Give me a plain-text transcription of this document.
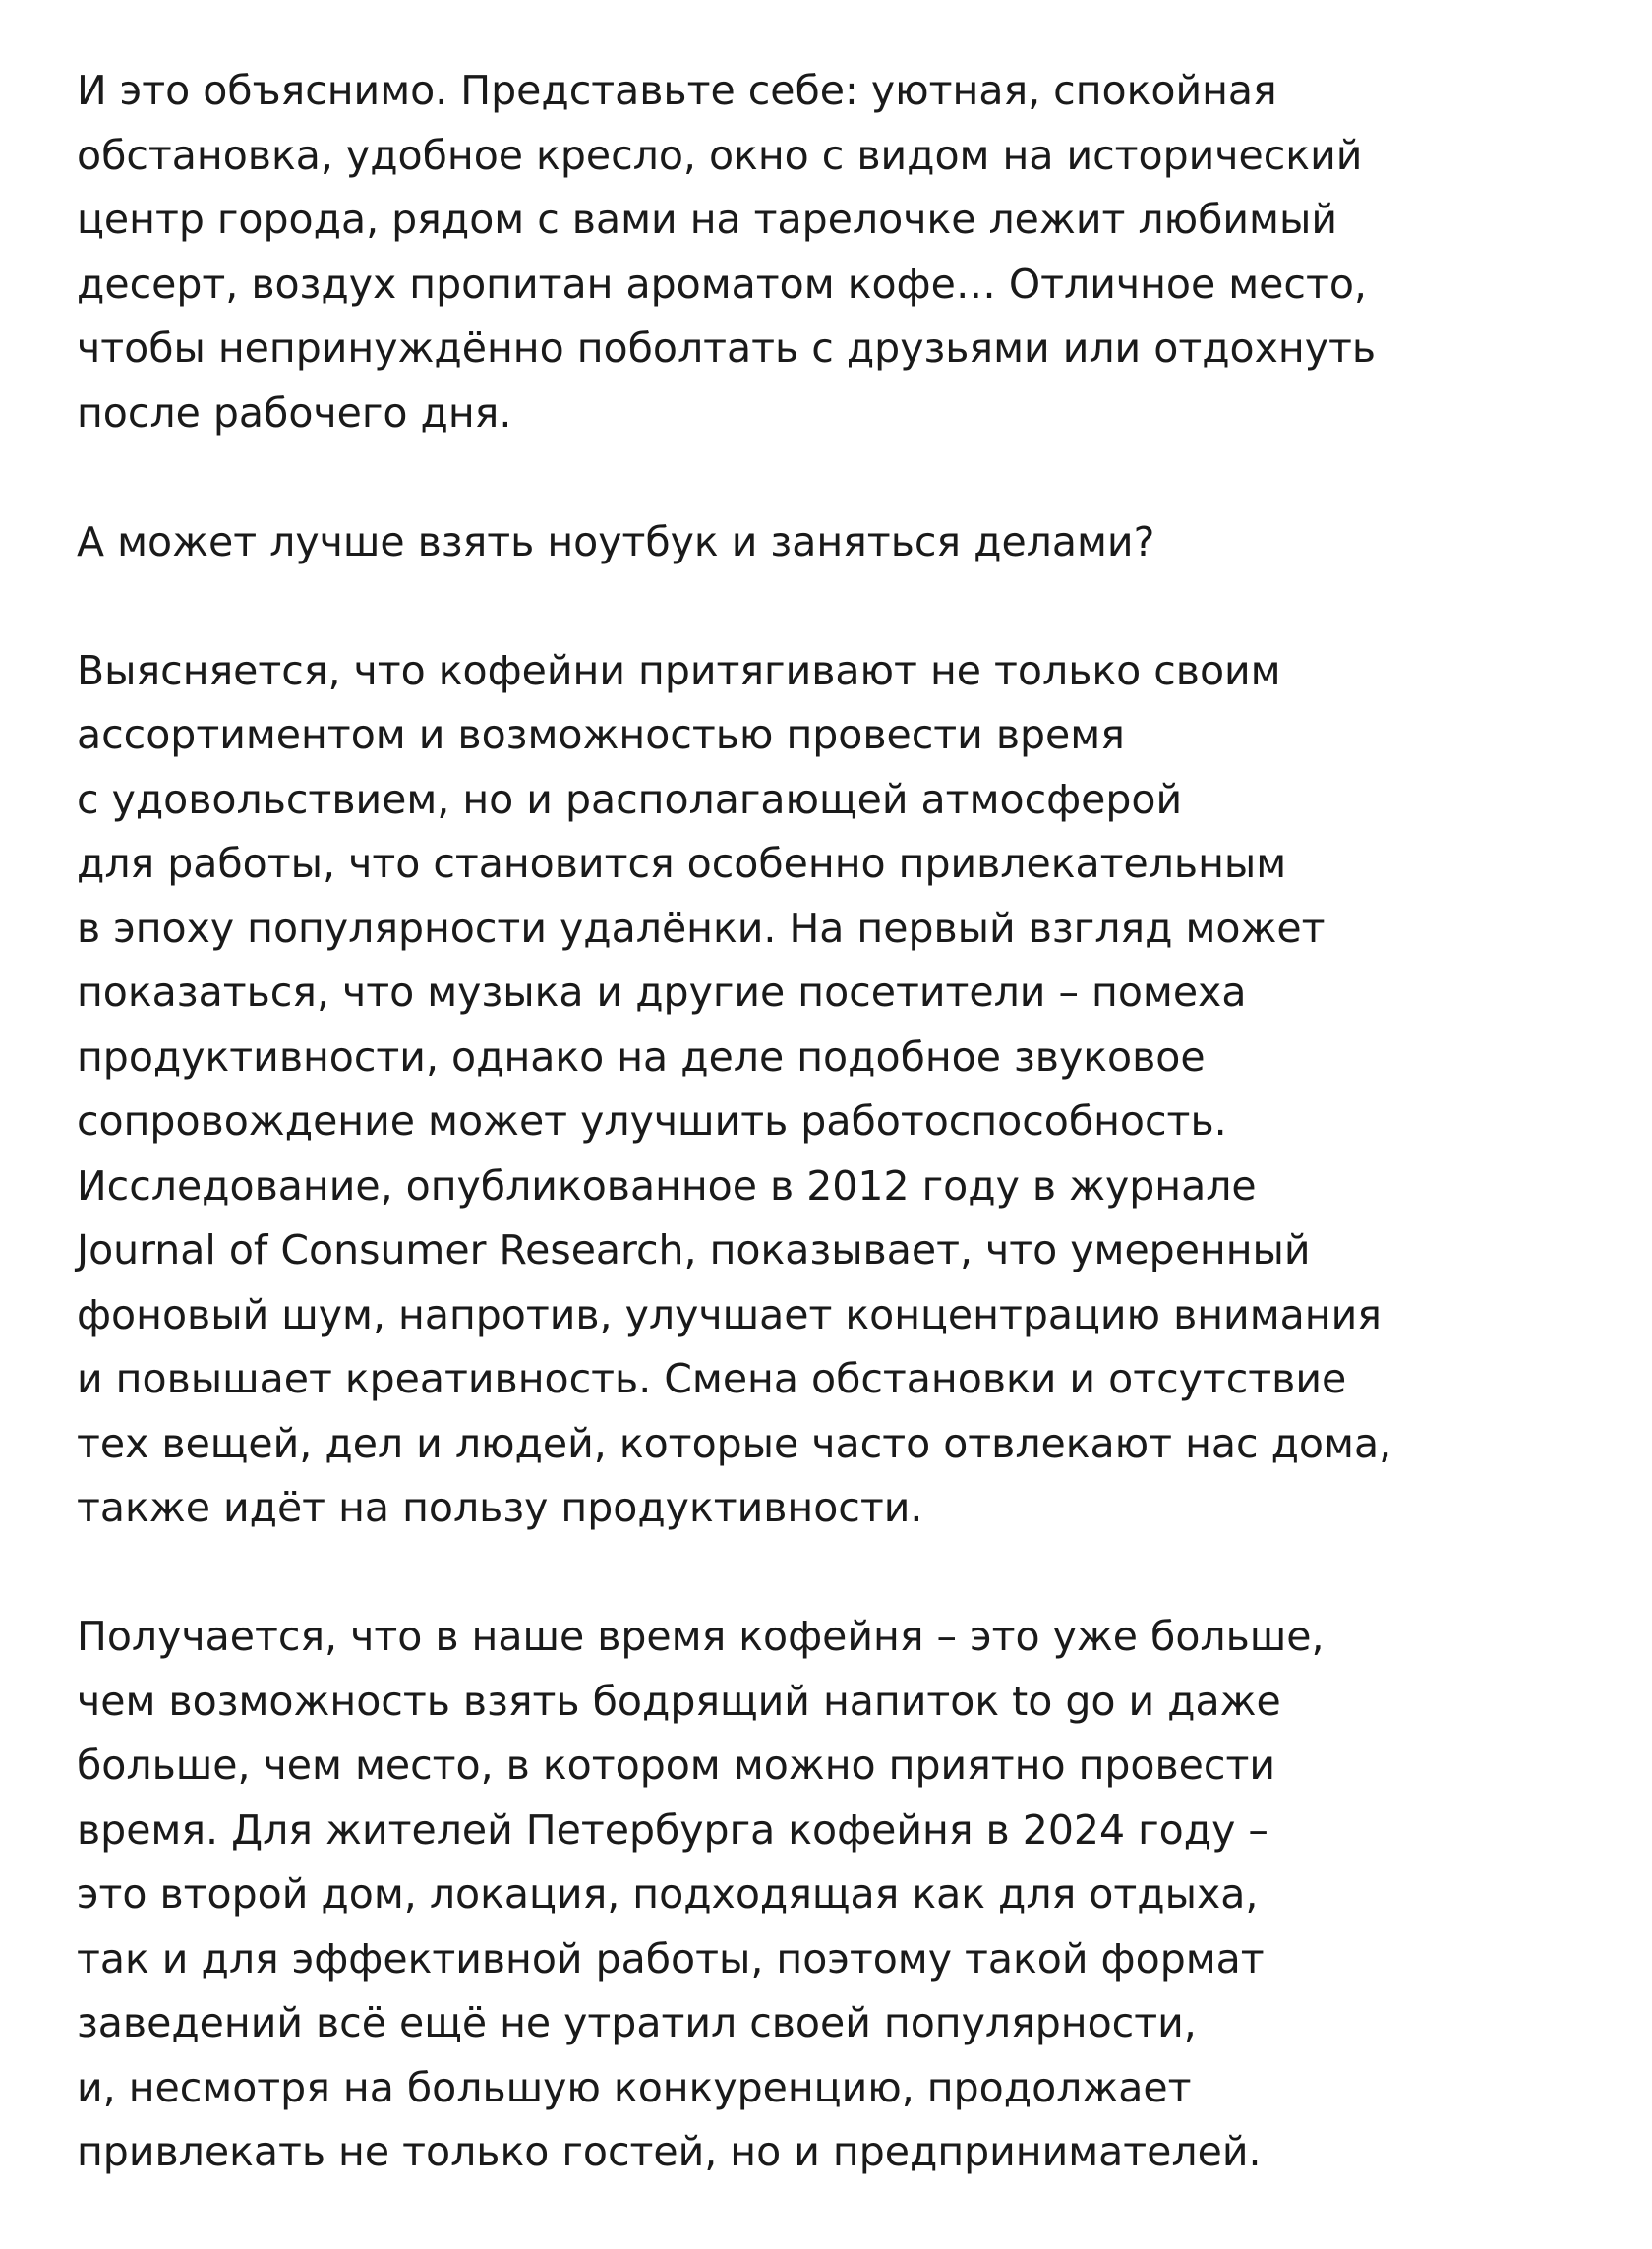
И это объяснимо. Представьте себе: уютная, спокойная
обстановка, удобное кресло, окно с видом на исторический
центр города, рядом с вами на тарелочке лежит любимый
десерт, воздух пропитан ароматом кофе… Отличное место,
чтобы непринуждённо поболтать с друзьями или отдохнуть
после рабочего дня.

А может лучше взять ноутбук и заняться делами?

Выясняется, что кофейни притягивают не только своим
ассортиментом и возможностью провести время
с удовольствием, но и располагающей атмосферой
для работы, что становится особенно привлекательным
в эпоху популярности удалёнки. На первый взгляд может
показаться, что музыка и другие посетители – помеха
продуктивности, однако на деле подобное звуковое
сопровождение может улучшить работоспособность.
Исследование, опубликованное в 2012 году в журнале
Journal of Consumer Research, показывает, что умеренный
фоновый шум, напротив, улучшает концентрацию внимания
и повышает креативность. Смена обстановки и отсутствие
тех вещей, дел и людей, которые часто отвлекают нас дома,
также идёт на пользу продуктивности.

Получается, что в наше время кофейня – это уже больше,
чем возможность взять бодрящий напиток to go и даже
больше, чем место, в котором можно приятно провести
время. Для жителей Петербурга кофейня в 2024 году –
это второй дом, локация, подходящая как для отдыха,
так и для эффективной работы, поэтому такой формат
заведений всё ещё не утратил своей популярности,
и, несмотря на большую конкуренцию, продолжает
привлекать не только гостей, но и предпринимателей.
